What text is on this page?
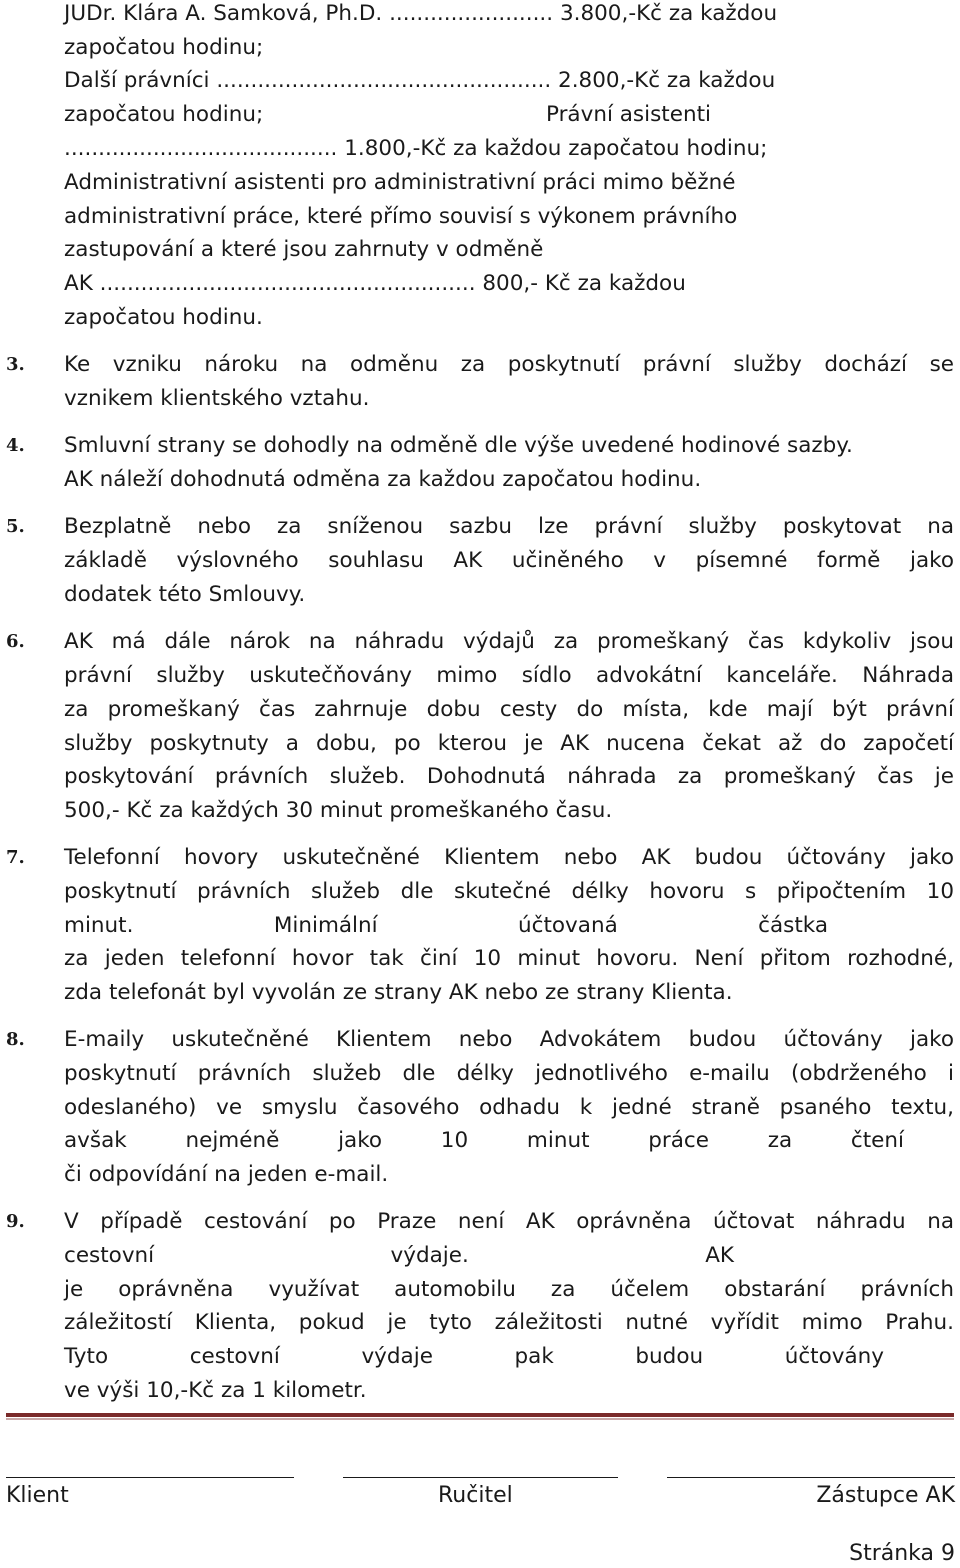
JUDr. Klára A. Samková, Ph.D. ........................ 3.800,-Kč za každou
započatou hodinu;
Další právníci ................................................. 2.800,-Kč za každou
započatou hodinu;	Právní asistenti
........................................ 1.800,-Kč za každou započatou hodinu;
Administrativní asistenti pro administrativní práci mimo běžné
administrativní práce, které přímo souvisí s výkonem právního
zastupování a které jsou zahrnuty v odměně
AK ....................................................... 800,- Kč za každou
započatou hodinu.
3. Ke vzniku nároku na odměnu za poskytnutí právní služby dochází se
vznikem klientského vztahu.
4. Smluvní strany se dohodly na odměně dle výše uvedené hodinové sazby.
AK náleží dohodnutá odměna za každou započatou hodinu.
5. Bezplatně nebo za sníženou sazbu lze právní služby poskytovat na
základě výslovného souhlasu AK učiněného v písemné formě jako
dodatek této Smlouvy.
6. AK má dále nárok na náhradu výdajů za promeškaný čas kdykoliv jsou
právní služby uskutečňovány mimo sídlo advokátní kanceláře. Náhrada
za promeškaný čas zahrnuje dobu cesty do místa, kde mají být právní
služby poskytnuty a dobu, po kterou je AK nucena čekat až do započetí
poskytování právních služeb. Dohodnutá náhrada za promeškaný čas je
500,- Kč za každých 30 minut promeškaného času.
7. Telefonní hovory uskutečněné Klientem nebo AK budou účtovány jako
poskytnutí právních služeb dle skutečné délky hovoru s připočtením 10
minut. Minimální účtovaná částka
za jeden telefonní hovor tak činí 10 minut hovoru. Není přitom rozhodné,
zda telefonát byl vyvolán ze strany AK nebo ze strany Klienta.
8. E-maily uskutečněné Klientem nebo Advokátem budou účtovány jako
poskytnutí právních služeb dle délky jednotlivého e-mailu (obdrženého i
odeslaného) ve smyslu časového odhadu k jedné straně psaného textu,
avšak nejméně jako 10 minut práce za čtení
či odpovídání na jeden e-mail.
9. V případě cestování po Praze není AK oprávněna účtovat náhradu na
cestovní výdaje. AK
je oprávněna využívat automobilu za účelem obstarání právních
záležitostí Klienta, pokud je tyto záležitosti nutné vyřídit mimo Prahu.
Tyto cestovní výdaje pak budou účtovány
ve výši 10,-Kč za 1 kilometr.
Klient	Ručitel	Zástupce AK
Stránka 9
